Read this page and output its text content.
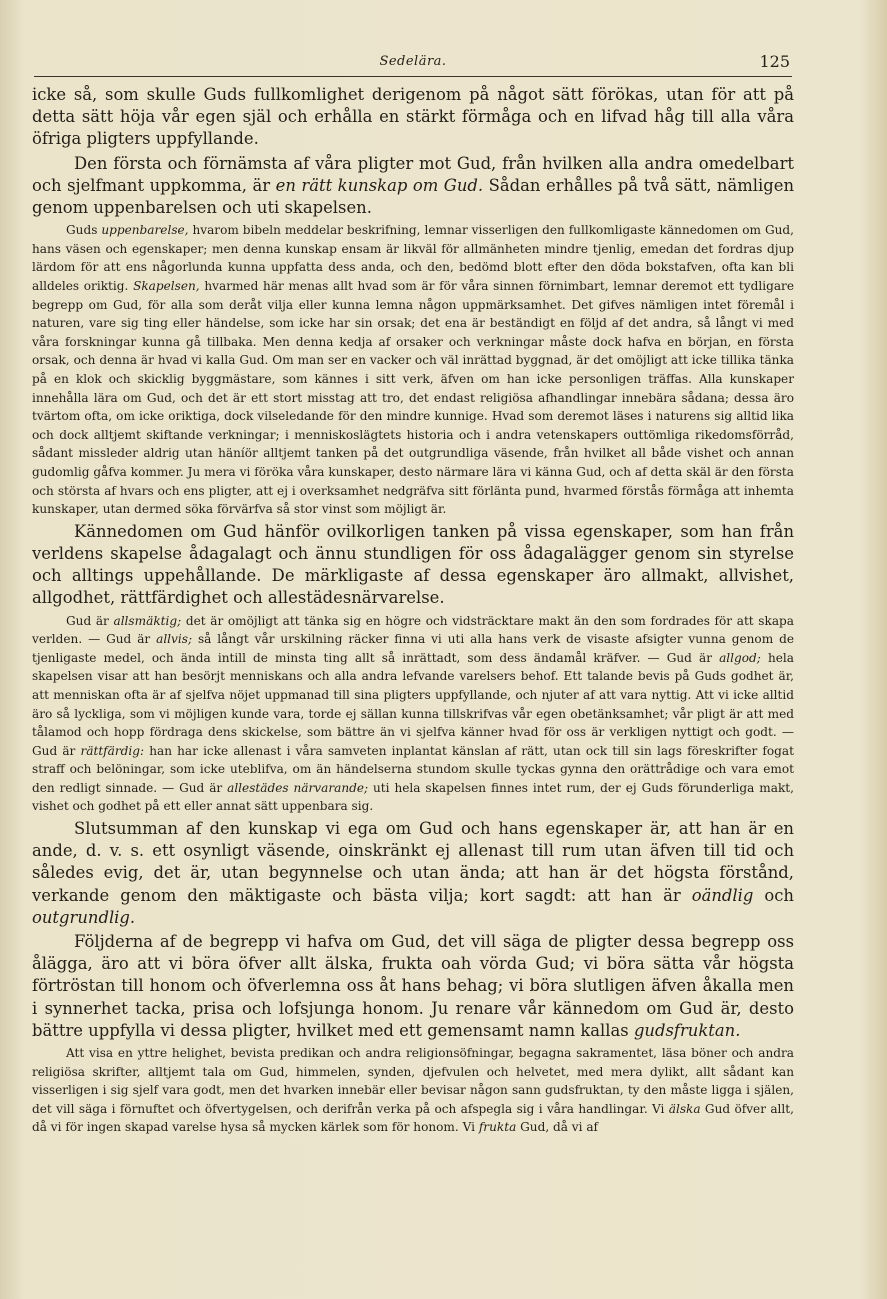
Sedelära.	125

icke så, som skulle Guds fullkomlighet derigenom på något sätt förökas, utan för att på detta sätt höja vår egen själ och erhålla en stärkt förmåga och en lifvad håg till alla våra öfriga pligters uppfyllande.

Den första och förnämsta af våra pligter mot Gud, från hvilken alla andra omedelbart och sjelfmant uppkomma, är en rätt kunskap om Gud. Sådan erhålles på två sätt, nämligen genom uppenbarelsen och uti skapelsen.

Guds uppenbarelse, hvarom bibeln meddelar beskrifning, lemnar visserligen den fullkomligaste kännedomen om Gud, hans väsen och egenskaper; men denna kunskap ensam är likväl för allmänheten mindre tjenlig, emedan det fordras djup lärdom för att ens någorlunda kunna uppfatta dess anda, och den, bedömd blott efter den döda bokstafven, ofta kan bli alldeles oriktig. Skapelsen, hvarmed här menas allt hvad som är för våra sinnen förnimbart, lemnar deremot ett tydligare begrepp om Gud, för alla som deråt vilja eller kunna lemna någon uppmärksamhet. Det gifves nämligen intet föremål i naturen, vare sig ting eller händelse, som icke har sin orsak; det ena är beständigt en följd af det andra, så långt vi med våra forskningar kunna gå tillbaka. Men denna kedja af orsaker och verkningar måste dock hafva en början, en första orsak, och denna är hvad vi kalla Gud. Om man ser en vacker och väl inrättad byggnad, är det omöjligt att icke tillika tänka på en klok och skicklig byggmästare, som kännes i sitt verk, äfven om han icke personligen träffas. Alla kunskaper innehålla lära om Gud, och det är ett stort misstag att tro, det endast religiösa afhandlingar innebära sådana; dessa äro tvärtom ofta, om icke oriktiga, dock vilseledande för den mindre kunnige. Hvad som deremot läses i naturens sig alltid lika och dock alltjemt skiftande verkningar; i menniskoslägtets historia och i andra vetenskapers outtömliga rikedomsförråd, sådant missleder aldrig utan häníör alltjemt tanken på det outgrundliga väsende, från hvilket all både vishet och annan gudomlig gåfva kommer. Ju mera vi föröka våra kunskaper, desto närmare lära vi känna Gud, och af detta skäl är den första och största af hvars och ens pligter, att ej i overksamhet nedgräfva sitt förlänta pund, hvarmed förstås förmåga att inhemta kunskaper, utan dermed söka förvärfva så stor vinst som möjligt är.

Kännedomen om Gud hänför ovilkorligen tanken på vissa egenskaper, som han från verldens skapelse ådagalagt och ännu stundligen för oss ådagalägger genom sin styrelse och alltings uppehållande. De märkligaste af dessa egenskaper äro allmakt, allvishet, allgodhet, rättfärdighet och allestädesnärvarelse.

Gud är allsmäktig; det är omöjligt att tänka sig en högre och vidsträcktare makt än den som fordrades för att skapa verlden. — Gud är allvis; så långt vår urskilning räcker finna vi uti alla hans verk de visaste afsigter vunna genom de tjenligaste medel, och ända intill de minsta ting allt så inrättadt, som dess ändamål kräfver. — Gud är allgod; hela skapelsen visar att han besörjt menniskans och alla andra lefvande varelsers behof. Ett talande bevis på Guds godhet är, att menniskan ofta är af sjelfva nöjet uppmanad till sina pligters uppfyllande, och njuter af att vara nyttig. Att vi icke alltid äro så lyckliga, som vi möjligen kunde vara, torde ej sällan kunna tillskrifvas vår egen obetänksamhet; vår pligt är att med tålamod och hopp fördraga dens skickelse, som bättre än vi sjelfva känner hvad för oss är verkligen nyttigt och godt. — Gud är rättfärdig: han har icke allenast i våra samveten inplantat känslan af rätt, utan ock till sin lags föreskrifter fogat straff och belöningar, som icke uteblifva, om än händelserna stundom skulle tyckas gynna den orättrådige och vara emot den redligt sinnade. — Gud är allestädes närvarande; uti hela skapelsen finnes intet rum, der ej Guds förunderliga makt, vishet och godhet på ett eller annat sätt uppenbara sig.

Slutsumman af den kunskap vi ega om Gud och hans egenskaper är, att han är en ande, d. v. s. ett osynligt väsende, oinskränkt ej allenast till rum utan äfven till tid och således evig, det är, utan begynnelse och utan ända; att han är det högsta förstånd, verkande genom den mäktigaste och bästa vilja; kort sagdt: att han är oändlig och outgrundlig.

Följderna af de begrepp vi hafva om Gud, det vill säga de pligter dessa begrepp oss ålägga, äro att vi böra öfver allt älska, frukta oah vörda Gud; vi böra sätta vår högsta förtröstan till honom och öfverlemna oss åt hans behag; vi böra slutligen äfven åkalla men i synnerhet tacka, prisa och lofsjunga honom. Ju renare vår kännedom om Gud är, desto bättre uppfylla vi dessa pligter, hvilket med ett gemensamt namn kallas gudsfruktan.

Att visa en yttre helighet, bevista predikan och andra religionsöfningar, begagna sakramentet, läsa böner och andra religiösa skrifter, alltjemt tala om Gud, himmelen, synden, djefvulen och helvetet, med mera dylikt, allt sådant kan visserligen i sig sjelf vara godt, men det hvarken innebär eller bevisar någon sann gudsfruktan, ty den måste ligga i själen, det vill säga i förnuftet och öfvertygelsen, och derifrån verka på och afspegla sig i våra handlingar. Vi älska Gud öfver allt, då vi för ingen skapad varelse hysa så mycken kärlek som för honom. Vi frukta Gud, då vi af
